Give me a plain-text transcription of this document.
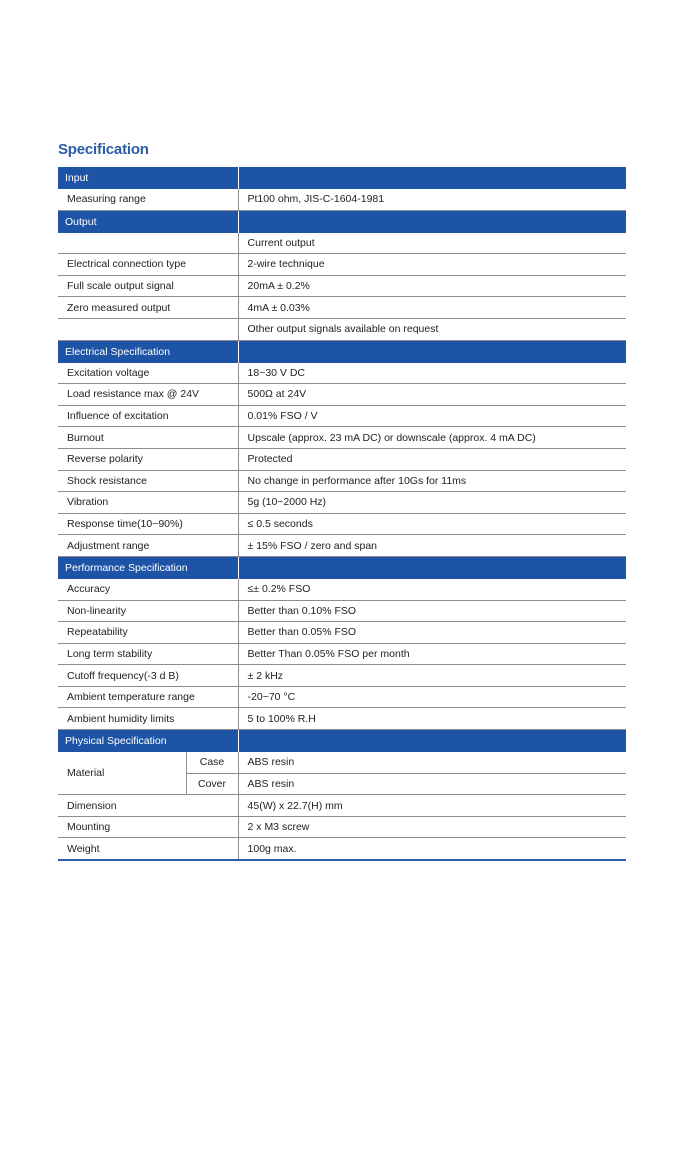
Specification
Input		
Measuring range		Pt100 ohm, JIS-C-1604-1981
Output		
		Current output
Electrical connection type		2-wire technique
Full scale output signal		20mA ± 0.2%
Zero measured output		4mA ± 0.03%
		Other output signals available on request
Electrical Specification		
Excitation voltage		18~30 V DC
Load resistance max @ 24V		500Ω at 24V
Influence of excitation		0.01% FSO / V
Burnout		Upscale (approx. 23 mA DC) or downscale (approx. 4 mA DC)
Reverse polarity		Protected
Shock resistance		No change in performance after 10Gs for 11ms
Vibration		5g (10~2000 Hz)
Response time(10~90%)		≤ 0.5 seconds
Adjustment range		± 15% FSO / zero and span
Performance Specification		
Accuracy		≤± 0.2% FSO
Non-linearity		Better than 0.10% FSO
Repeatability		Better than 0.05% FSO
Long term stability		Better Than 0.05% FSO per month
Cutoff frequency(-3 d B)		± 2 kHz
Ambient temperature range		-20~70 °C
Ambient humidity limits		5 to 100% R.H
Physical Specification		
Material	Case	ABS resin
	Cover	ABS resin
Dimension		45(W) x 22.7(H) mm
Mounting		2 x M3 screw
Weight		100g max.
